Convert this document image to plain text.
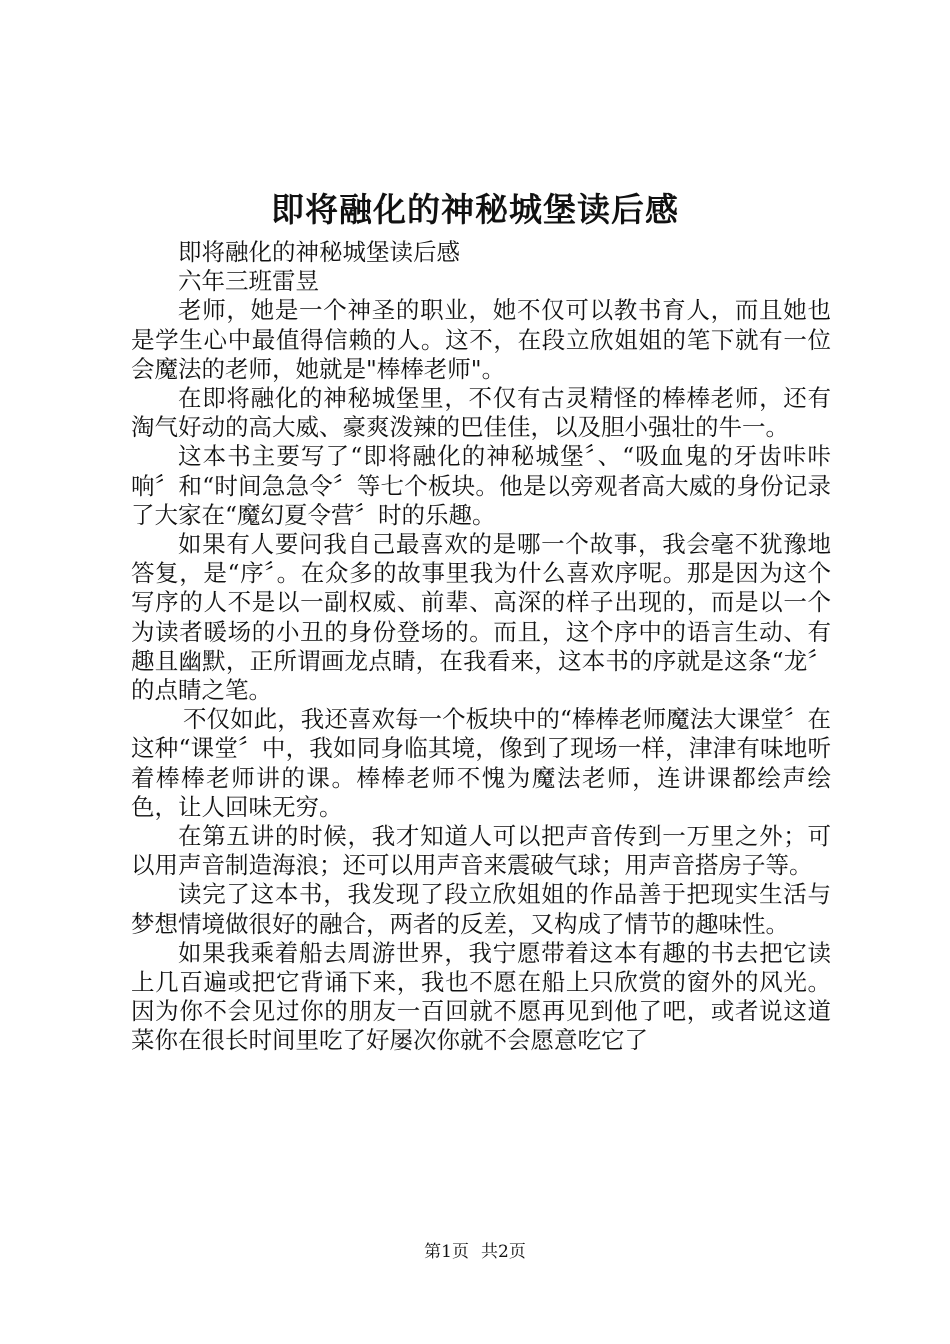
即将融化的神秘城堡读后感

即将融化的神秘城堡读后感

六年三班雷昱

老师，她是一个神圣的职业，她不仅可以教书育人，而且她也是学生心中最值得信赖的人。这不，在段立欣姐姐的笔下就有一位会魔法的老师，她就是"棒棒老师"。

在即将融化的神秘城堡里，不仅有古灵精怪的棒棒老师，还有淘气好动的高大威、豪爽泼辣的巴佳佳，以及胆小强壮的牛一。

这本书主要写了“即将融化的神秘城堡〞、“吸血鬼的牙齿咔咔响〞和“时间急急令〞等七个板块。他是以旁观者高大威的身份记录了大家在“魔幻夏令营〞时的乐趣。

如果有人要问我自己最喜欢的是哪一个故事，我会毫不犹豫地答复，是“序〞。在众多的故事里我为什么喜欢序呢。那是因为这个写序的人不是以一副权威、前辈、高深的样子出现的，而是以一个为读者暖场的小丑的身份登场的。而且，这个序中的语言生动、有趣且幽默，正所谓画龙点睛，在我看来，这本书的序就是这条“龙〞的点睛之笔。

不仅如此，我还喜欢每一个板块中的“棒棒老师魔法大课堂〞在这种“课堂〞中，我如同身临其境，像到了现场一样，津津有味地听着棒棒老师讲的课。棒棒老师不愧为魔法老师，连讲课都绘声绘色，让人回味无穷。

在第五讲的时候，我才知道人可以把声音传到一万里之外；可以用声音制造海浪；还可以用声音来震破气球；用声音搭房子等。

读完了这本书，我发现了段立欣姐姐的作品善于把现实生活与梦想情境做很好的融合，两者的反差，又构成了情节的趣味性。

如果我乘着船去周游世界，我宁愿带着这本有趣的书去把它读上几百遍或把它背诵下来，我也不愿在船上只欣赏的窗外的风光。因为你不会见过你的朋友一百回就不愿再见到他了吧，或者说这道菜你在很长时间里吃了好屡次你就不会愿意吃它了

第1页 共2页
